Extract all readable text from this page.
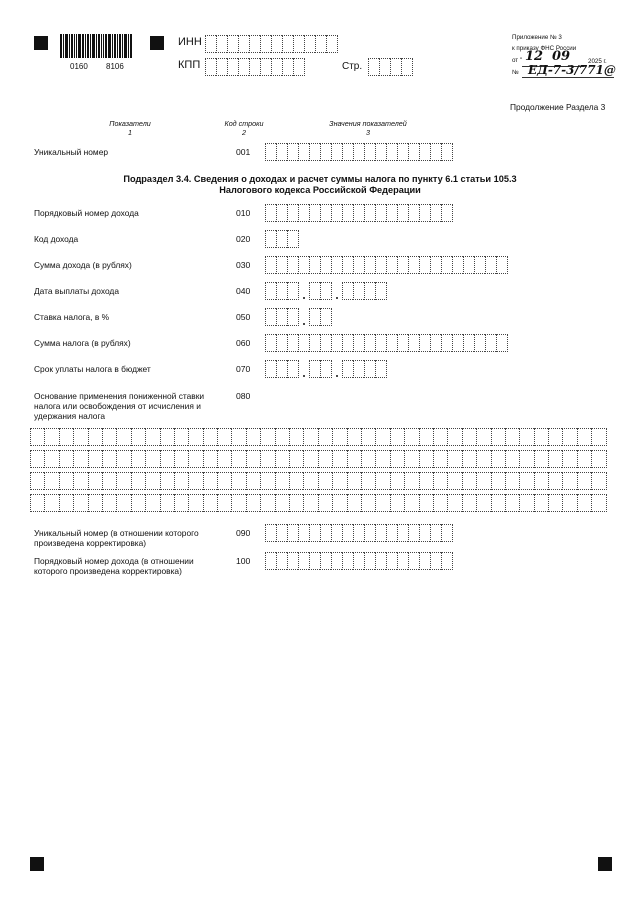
0160 8106
ИНН
КПП	Стр.
Приложение № 3
к приказу ФНС России
от " 12 09	2025 г.
№ ЕД-7-3/771@
Продолжение Раздела 3
Показатели
1
Код строки
2
Значения показателей
3
Уникальный номер	001
Подраздел 3.4. Сведения о доходах и расчет суммы налога по пункту 6.1 статьи 105.3
Налогового кодекса Российской Федерации
Порядковый номер дохода	010
Код дохода	020
Сумма дохода (в рублях)	030
Дата выплаты дохода	040
Ставка налога, в %	050
Сумма налога (в рублях)	060
Срок уплаты налога в бюджет	070
Основание применения пониженной ставки
налога или освобождения от исчисления и
удержания налога
080
Уникальный номер (в отношении которого
произведена корректировка)
090
Порядковый номер дохода (в отношении
которого произведена корректировка)
100
